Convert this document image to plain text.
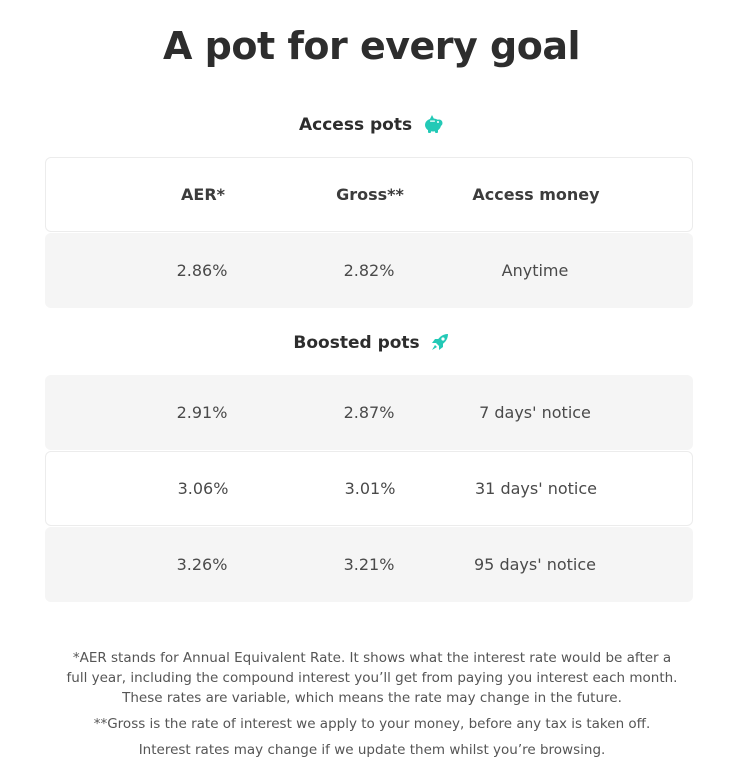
A pot for every goal
Access pots
AER*	Gross**	Access money
2.86%	2.82%	Anytime
Boosted pots
2.91%	2.87%	7 days' notice
3.06%	3.01%	31 days' notice
3.26%	3.21%	95 days' notice

*AER stands for Annual Equivalent Rate. It shows what the interest rate would be after a full year, including the compound interest you’ll get from paying you interest each month. These rates are variable, which means the rate may change in the future.

**Gross is the rate of interest we apply to your money, before any tax is taken off.

Interest rates may change if we update them whilst you’re browsing.
